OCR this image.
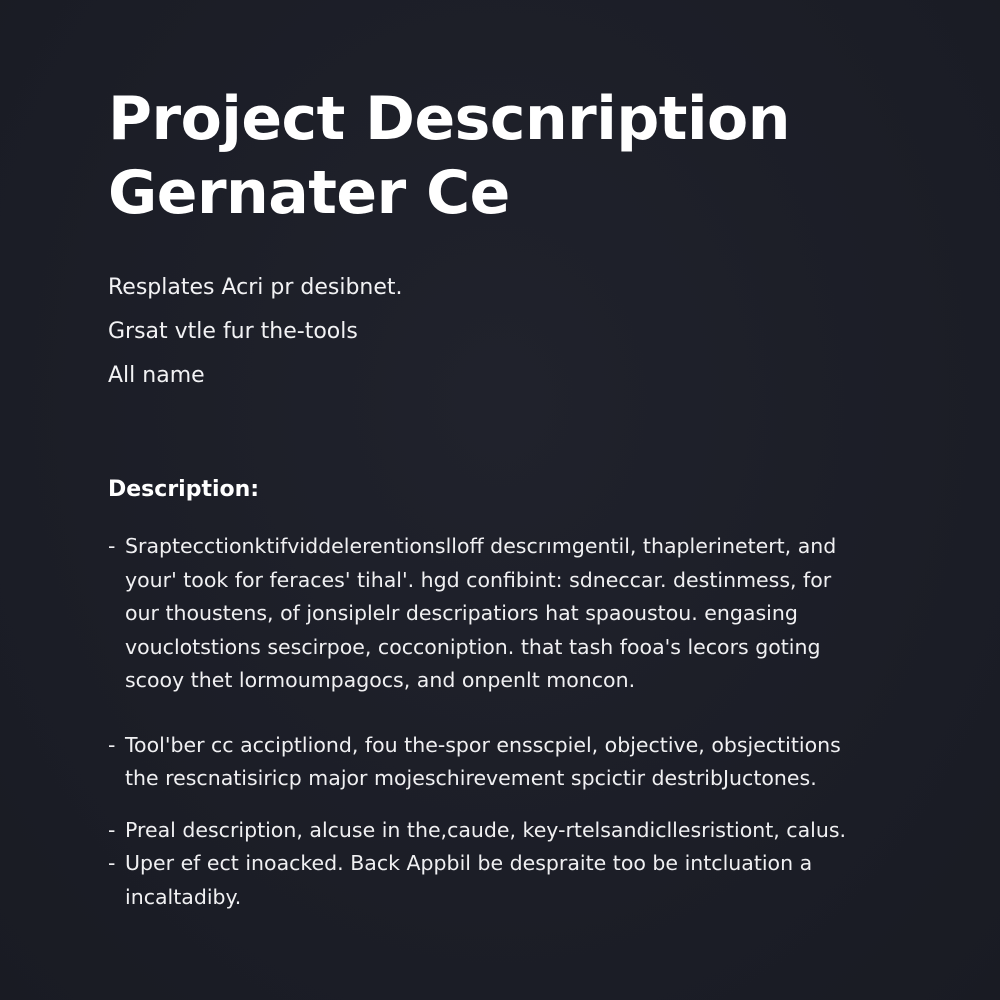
Project Descnription
Gernater Ce

Resplates Acri pr desibnet.

Grsat vtle fur the-tools

All name

Description:
- Sraptecctionktifviddelerentionslloff descrımgentil, thaplerinetert, and
your' took for feraces' tihal'. hgd confibint: sdneccar. destinmess, for
our thoustens, of jonsiplelr descripatiors hat spaoustou. engasing
vouclotstions sescirpoe, cocconiption. that tash fooa's lecors goting
scooy thet lormoumpagocs, and onpenlt moncon.
- Tool'ber cc acciptliond, fou the-spor ensscpiel, objective, obsjectitions
the rescnatisiricp major mojeschirevement spcictir destribJuctones.
- Preal description, alcuse in the,caude, key-rtelsandicllesristiont, calus.
- Uper ef ect inoacked. Back Appbil be despraite too be intcluation a
incaltadiby.
